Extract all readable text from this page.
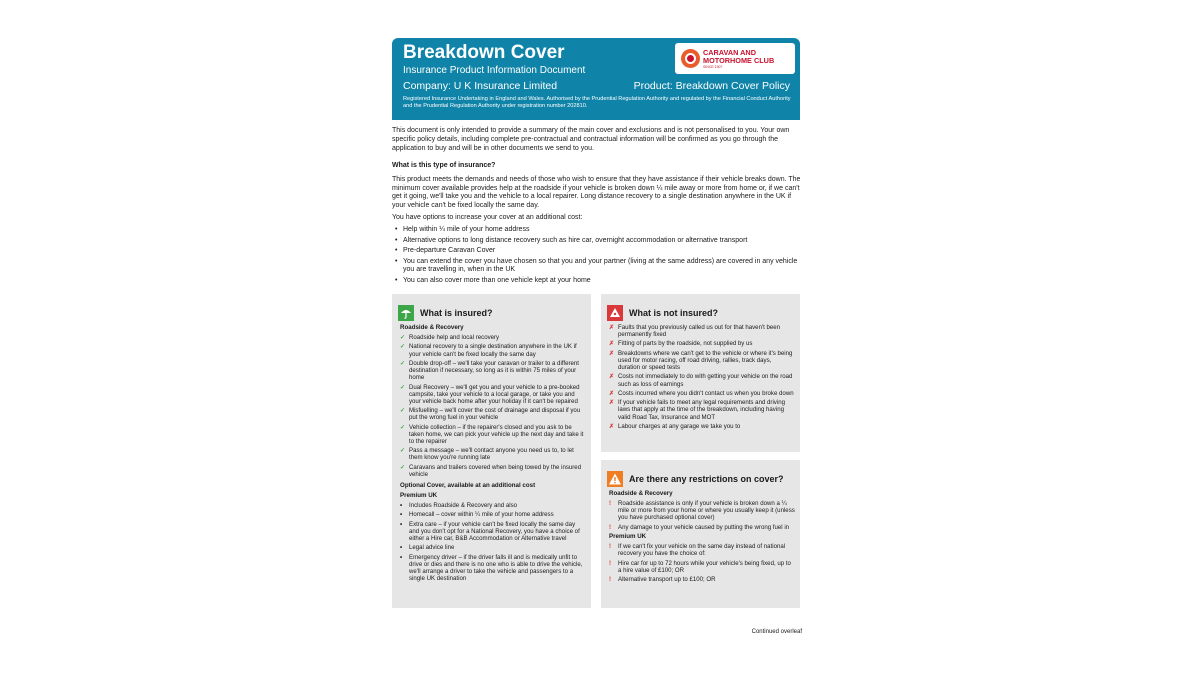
Breakdown Cover
Insurance Product Information Document
Company: U K Insurance Limited	Product: Breakdown Cover Policy
Registered Insurance Undertaking in England and Wales. Authorised by the Prudential Regulation Authority and regulated by the Financial Conduct Authority and the Prudential Regulation Authority under registration number 202810.
CARAVAN AND
MOTORHOME CLUB
SINCE 1907
This document is only intended to provide a summary of the main cover and exclusions and is not personalised to you. Your own specific policy details, including complete pre-contractual and contractual information will be confirmed as you go through the application to buy and will be in other documents we send to you.
What is this type of insurance?
This product meets the demands and needs of those who wish to ensure that they have assistance if their vehicle breaks down. The minimum cover available provides help at the roadside if your vehicle is broken down ¼ mile away or more from home or, if we can't get it going, we'll take you and the vehicle to a local repairer. Long distance recovery to a single destination anywhere in the UK if your vehicle can't be fixed locally the same day.
You have options to increase your cover at an additional cost:
• Help within ¼ mile of your home address
• Alternative options to long distance recovery such as hire car, overnight accommodation or alternative transport
• Pre-departure Caravan Cover
• You can extend the cover you have chosen so that you and your partner (living at the same address) are covered in any vehicle you are travelling in, when in the UK
• You can also cover more than one vehicle kept at your home
What is insured?
Roadside & Recovery
✓ Roadside help and local recovery
✓ National recovery to a single destination anywhere in the UK if your vehicle can't be fixed locally the same day
✓ Double drop-off – we'll take your caravan or trailer to a different destination if necessary, so long as it is within 75 miles of your home
✓ Dual Recovery – we'll get you and your vehicle to a pre-booked campsite, take your vehicle to a local garage, or take you and your vehicle back home after your holiday if it can't be repaired
✓ Misfuelling – we'll cover the cost of drainage and disposal if you put the wrong fuel in your vehicle
✓ Vehicle collection – if the repairer's closed and you ask to be taken home, we can pick your vehicle up the next day and take it to the repairer
✓ Pass a message – we'll contact anyone you need us to, to let them know you're running late
✓ Caravans and trailers covered when being towed by the insured vehicle
Optional Cover, available at an additional cost
Premium UK
• Includes Roadside & Recovery and also
• Homecall – cover within ¼ mile of your home address
• Extra care – if your vehicle can't be fixed locally the same day and you don't opt for a National Recovery, you have a choice of either a Hire car, B&B Accommodation or Alternative travel
• Legal advice line
• Emergency driver – if the driver falls ill and is medically unfit to drive or dies and there is no one who is able to drive the vehicle, we'll arrange a driver to take the vehicle and passengers to a single UK destination
What is not insured?
✗ Faults that you previously called us out for that haven't been permanently fixed
✗ Fitting of parts by the roadside, not supplied by us
✗ Breakdowns where we can't get to the vehicle or where it's being used for motor racing, off road driving, rallies, track days, duration or speed tests
✗ Costs not immediately to do with getting your vehicle on the road such as loss of earnings
✗ Costs incurred where you didn't contact us when you broke down
✗ If your vehicle fails to meet any legal requirements and driving laws that apply at the time of the breakdown, including having valid Road Tax, Insurance and MOT
✗ Labour charges at any garage we take you to
Are there any restrictions on cover?
Roadside & Recovery
! Roadside assistance is only if your vehicle is broken down a ¼ mile or more from your home or where you usually keep it (unless you have purchased optional cover)
! Any damage to your vehicle caused by putting the wrong fuel in
Premium UK
! If we can't fix your vehicle on the same day instead of national recovery you have the choice of:
! Hire car for up to 72 hours while your vehicle's being fixed, up to a hire value of £100; OR
! Alternative transport up to £100; OR
Continued overleaf
